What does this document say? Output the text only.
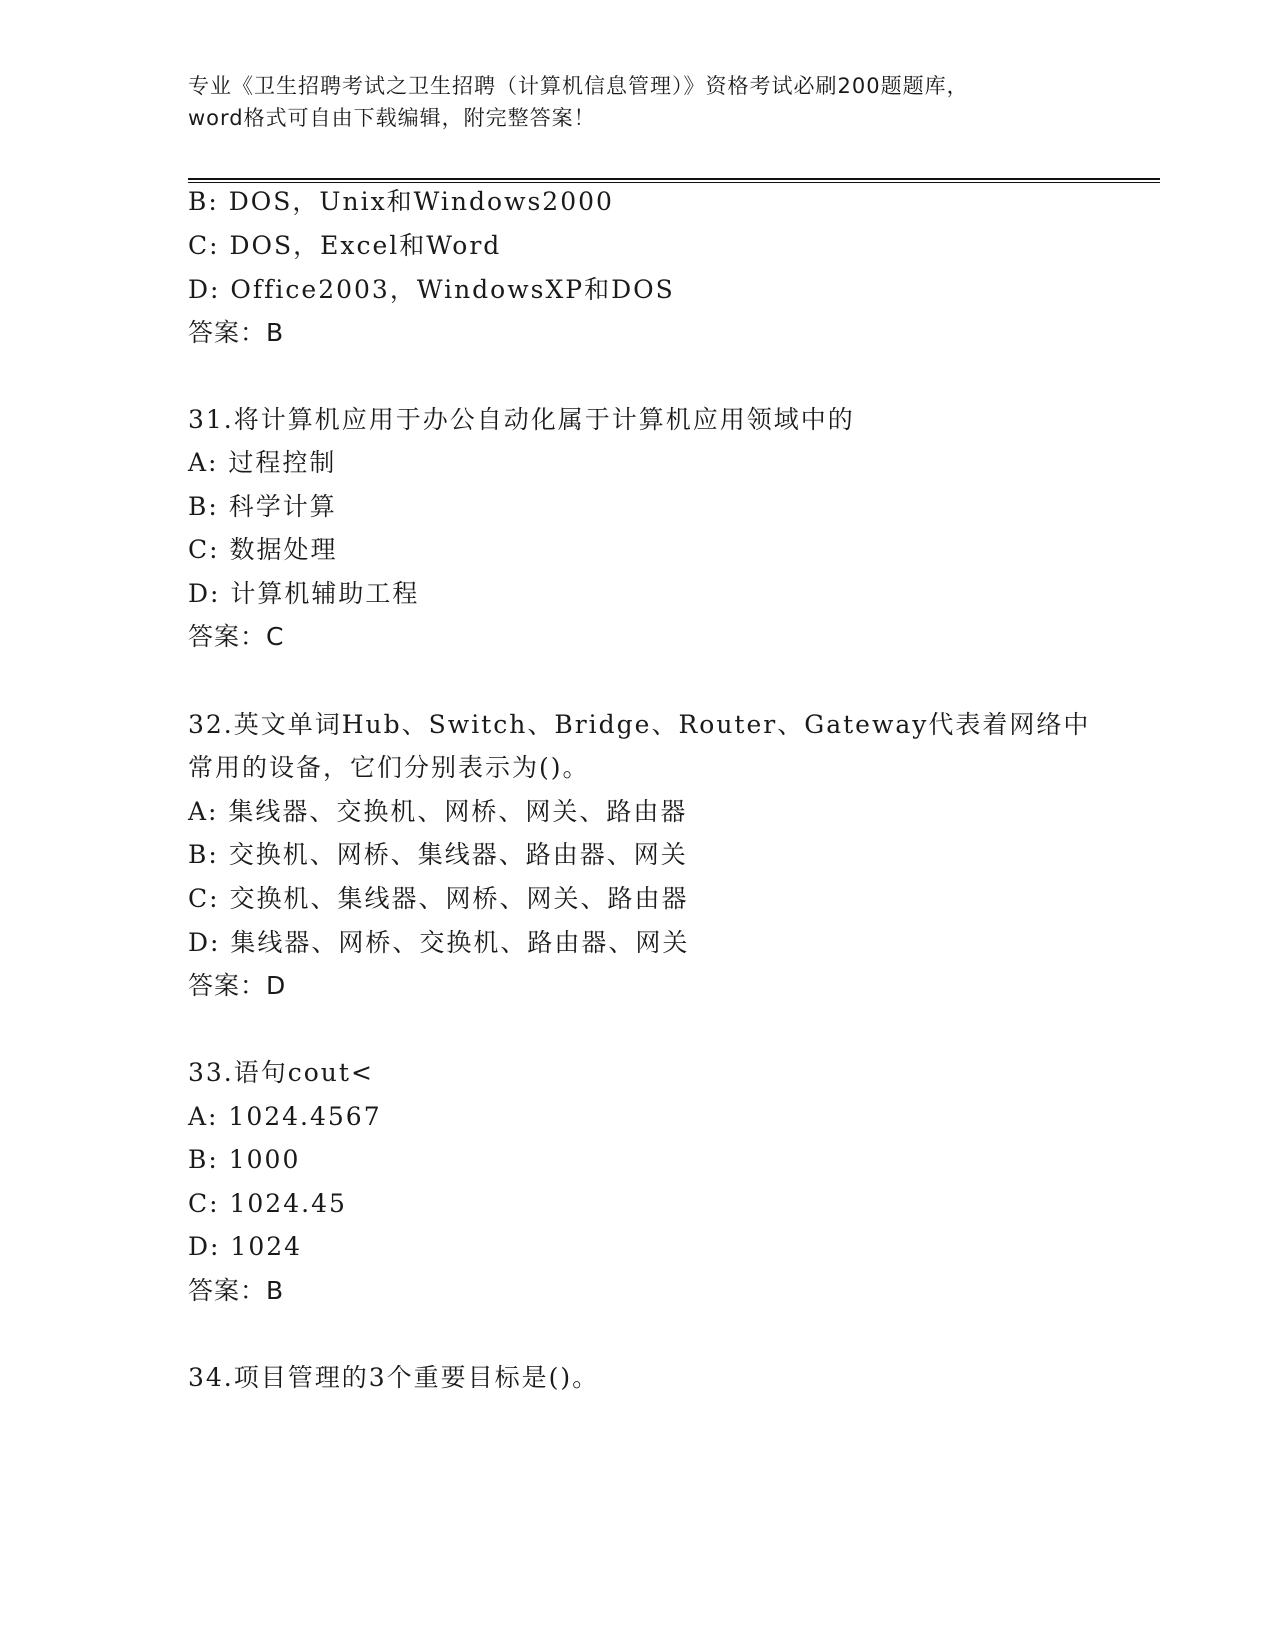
专业《卫生招聘考试之卫生招聘（计算机信息管理）》资格考试必刷200题题库，
word格式可自由下载编辑，附完整答案！
B: DOS，Unix和Windows2000
C: DOS，Excel和Word
D: Office2003，WindowsXP和DOS
答案：B
31.将计算机应用于办公自动化属于计算机应用领域中的
A: 过程控制
B: 科学计算
C: 数据处理
D: 计算机辅助工程
答案：C
32.英文单词Hub、Switch、Bridge、Router、Gateway代表着网络中
常用的设备，它们分别表示为()。
A: 集线器、交换机、网桥、网关、路由器
B: 交换机、网桥、集线器、路由器、网关
C: 交换机、集线器、网桥、网关、路由器
D: 集线器、网桥、交换机、路由器、网关
答案：D
33.语句cout<
A: 1024.4567
B: 1000
C: 1024.45
D: 1024
答案：B
34.项目管理的3个重要目标是()。
